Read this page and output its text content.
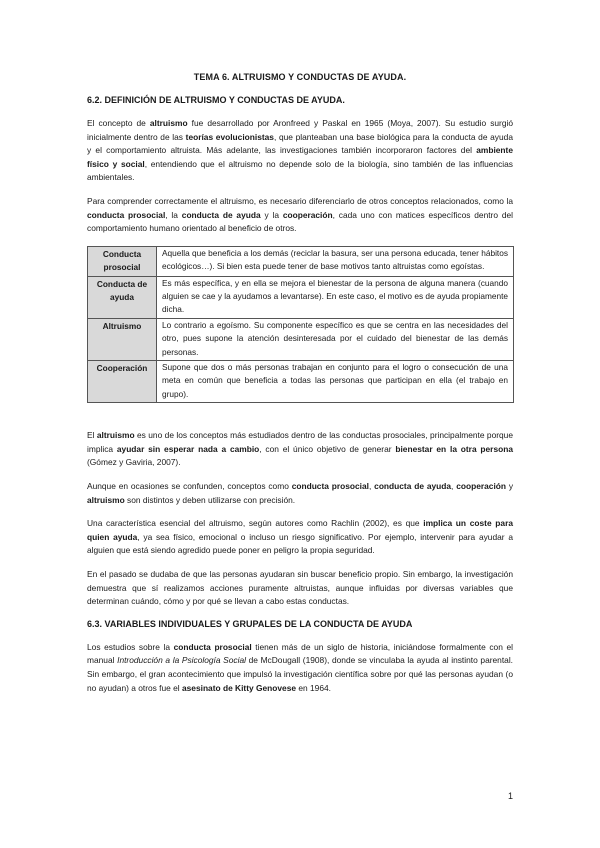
TEMA 6. ALTRUISMO Y CONDUCTAS DE AYUDA.
6.2. DEFINICIÓN DE ALTRUISMO Y CONDUCTAS DE AYUDA.

El concepto de altruismo fue desarrollado por Aronfreed y Paskal en 1965 (Moya, 2007). Su estudio surgió inicialmente dentro de las teorías evolucionistas, que planteaban una base biológica para la conducta de ayuda y el comportamiento altruista. Más adelante, las investigaciones también incorporaron factores del ambiente físico y social, entendiendo que el altruismo no depende solo de la biología, sino también de las influencias ambientales.

Para comprender correctamente el altruismo, es necesario diferenciarlo de otros conceptos relacionados, como la conducta prosocial, la conducta de ayuda y la cooperación, cada uno con matices específicos dentro del comportamiento humano orientado al beneficio de otros.

Conducta prosocial	Aquella que beneficia a los demás (reciclar la basura, ser una persona educada, tener hábitos ecológicos…). Si bien esta puede tener de base motivos tanto altruistas como egoístas.
Conducta de ayuda	Es más específica, y en ella se mejora el bienestar de la persona de alguna manera (cuando alguien se cae y la ayudamos a levantarse). En este caso, el motivo es de ayuda propiamente dicha.
Altruismo	Lo contrario a egoísmo. Su componente específico es que se centra en las necesidades del otro, pues supone la atención desinteresada por el cuidado del bienestar de las demás personas.
Cooperación	Supone que dos o más personas trabajan en conjunto para el logro o consecución de una meta en común que beneficia a todas las personas que participan en ella (el trabajo en grupo).

El altruismo es uno de los conceptos más estudiados dentro de las conductas prosociales, principalmente porque implica ayudar sin esperar nada a cambio, con el único objetivo de generar bienestar en la otra persona (Gómez y Gaviria, 2007).

Aunque en ocasiones se confunden, conceptos como conducta prosocial, conducta de ayuda, cooperación y altruismo son distintos y deben utilizarse con precisión.

Una característica esencial del altruismo, según autores como Rachlin (2002), es que implica un coste para quien ayuda, ya sea físico, emocional o incluso un riesgo significativo. Por ejemplo, intervenir para ayudar a alguien que está siendo agredido puede poner en peligro la propia seguridad.

En el pasado se dudaba de que las personas ayudaran sin buscar beneficio propio. Sin embargo, la investigación demuestra que sí realizamos acciones puramente altruistas, aunque influidas por diversas variables que determinan cuándo, cómo y por qué se llevan a cabo estas conductas.

6.3. VARIABLES INDIVIDUALES Y GRUPALES DE LA CONDUCTA DE AYUDA

Los estudios sobre la conducta prosocial tienen más de un siglo de historia, iniciándose formalmente con el manual Introducción a la Psicología Social de McDougall (1908), donde se vinculaba la ayuda al instinto parental. Sin embargo, el gran acontecimiento que impulsó la investigación científica sobre por qué las personas ayudan (o no ayudan) a otros fue el asesinato de Kitty Genovese en 1964.

1
